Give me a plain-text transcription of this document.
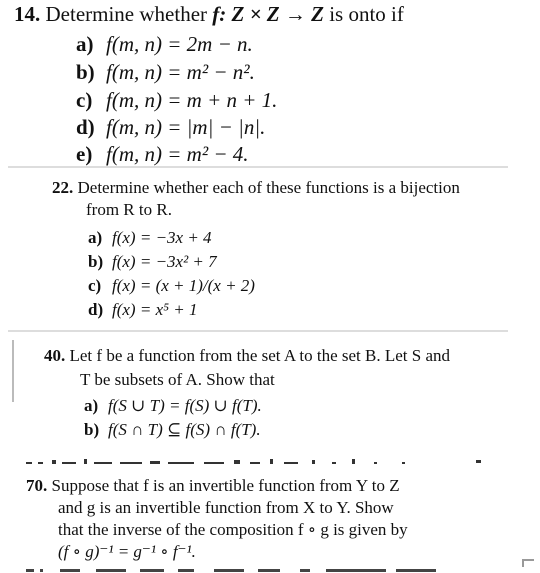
14. Determine whether f: Z × Z → Z is onto if
a) f(m, n) = 2m − n.
b) f(m, n) = m² − n².
c) f(m, n) = m + n + 1.
d) f(m, n) = |m| − |n|.
e) f(m, n) = m² − 4.
22. Determine whether each of these functions is a bijection
from R to R.
a) f(x) = −3x + 4
b) f(x) = −3x² + 7
c) f(x) = (x + 1)/(x + 2)
d) f(x) = x⁵ + 1
40. Let f be a function from the set A to the set B. Let S and
T be subsets of A. Show that
a) f(S ∪ T) = f(S) ∪ f(T).
b) f(S ∩ T) ⊆ f(S) ∩ f(T).
70. Suppose that f is an invertible function from Y to Z
and g is an invertible function from X to Y. Show
that the inverse of the composition f ∘ g is given by
(f ∘ g)⁻¹ = g⁻¹ ∘ f⁻¹.
